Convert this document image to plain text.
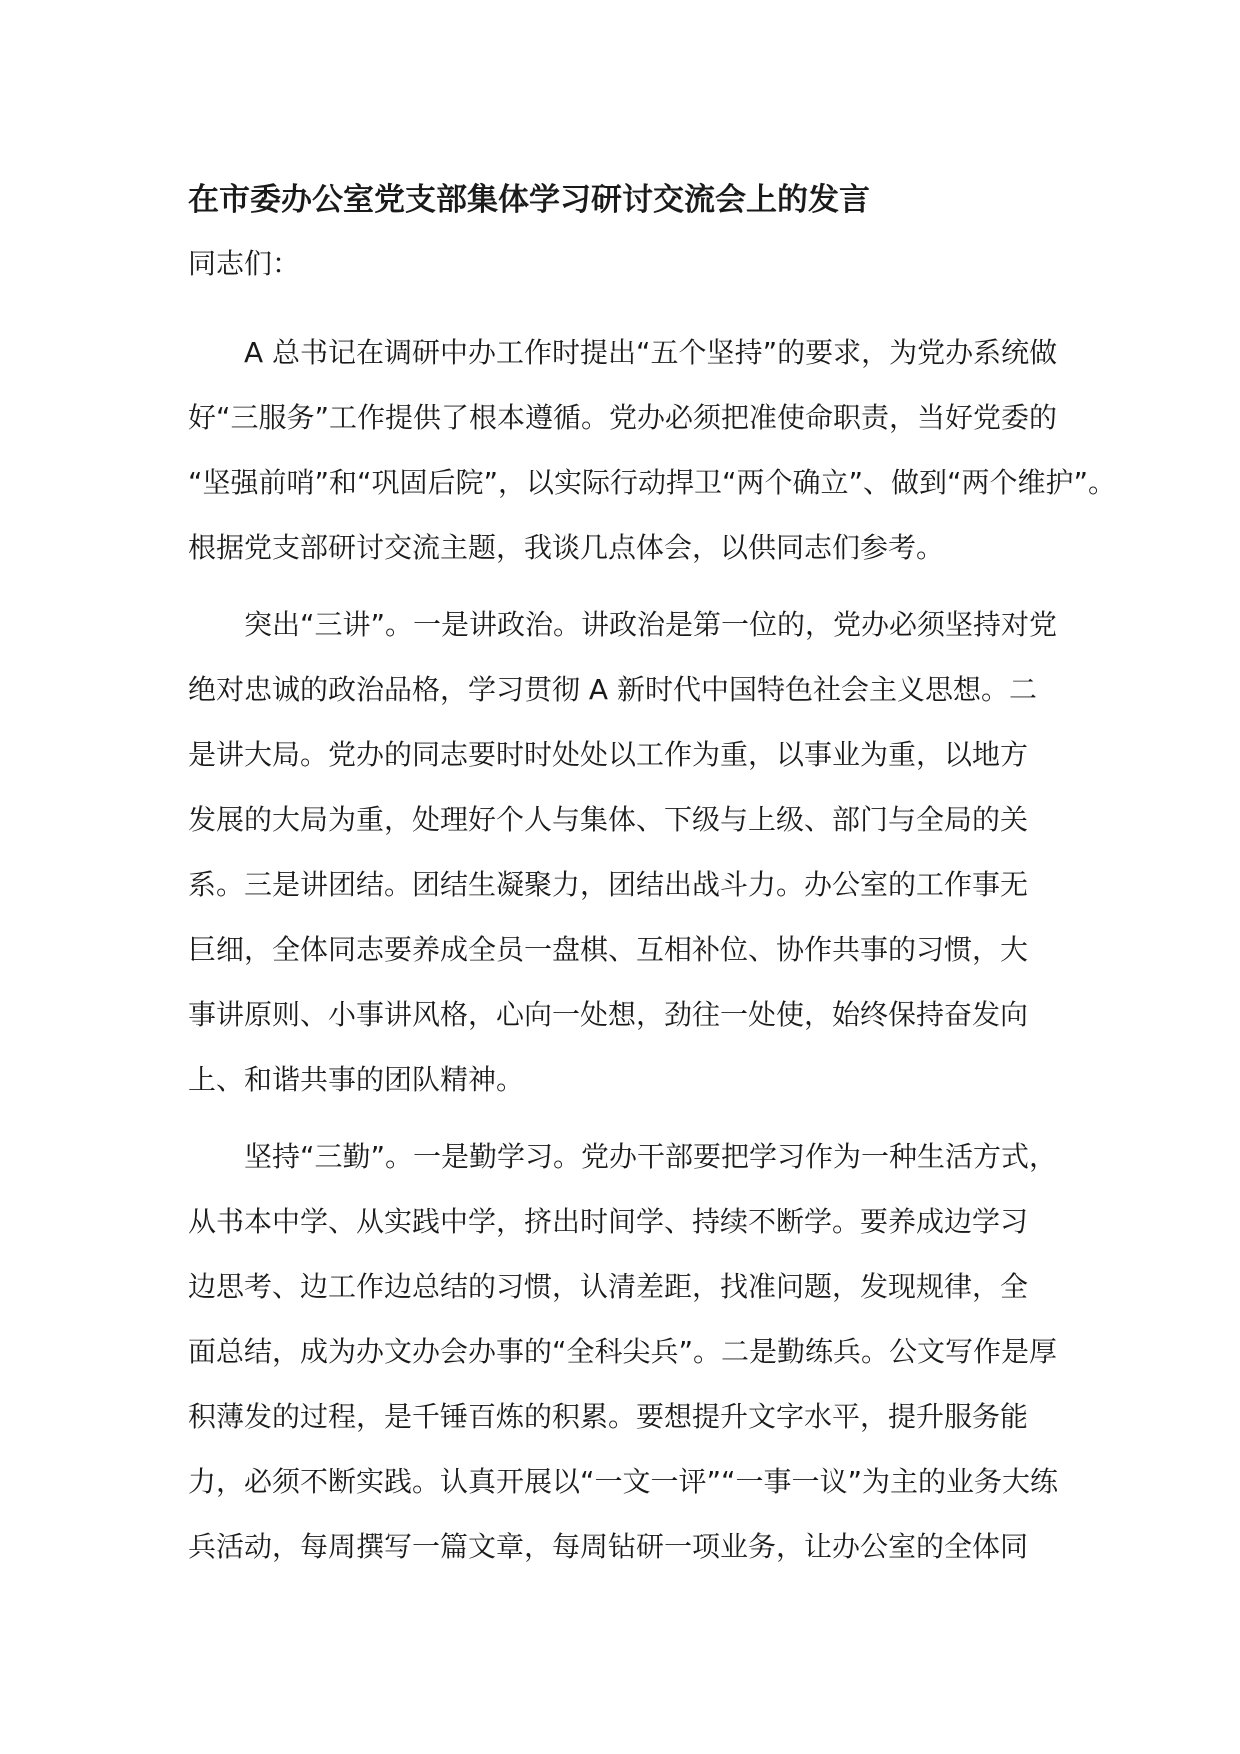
在市委办公室党支部集体学习研讨交流会上的发言

同志们：

A 总书记在调研中办工作时提出“五个坚持”的要求，为党办系统做
好“三服务”工作提供了根本遵循。党办必须把准使命职责，当好党委的
“坚强前哨”和“巩固后院”，以实际行动捍卫“两个确立”、做到“两个维护”。
根据党支部研讨交流主题，我谈几点体会，以供同志们参考。
突出“三讲”。一是讲政治。讲政治是第一位的，党办必须坚持对党
绝对忠诚的政治品格，学习贯彻 A 新时代中国特色社会主义思想。二
是讲大局。党办的同志要时时处处以工作为重，以事业为重，以地方
发展的大局为重，处理好个人与集体、下级与上级、部门与全局的关
系。三是讲团结。团结生凝聚力，团结出战斗力。办公室的工作事无
巨细，全体同志要养成全员一盘棋、互相补位、协作共事的习惯，大
事讲原则、小事讲风格，心向一处想，劲往一处使，始终保持奋发向
上、和谐共事的团队精神。
坚持“三勤”。一是勤学习。党办干部要把学习作为一种生活方式，
从书本中学、从实践中学，挤出时间学、持续不断学。要养成边学习
边思考、边工作边总结的习惯，认清差距，找准问题，发现规律，全
面总结，成为办文办会办事的“全科尖兵”。二是勤练兵。公文写作是厚
积薄发的过程，是千锤百炼的积累。要想提升文字水平，提升服务能
力，必须不断实践。认真开展以“一文一评”“一事一议”为主的业务大练
兵活动，每周撰写一篇文章，每周钻研一项业务，让办公室的全体同
